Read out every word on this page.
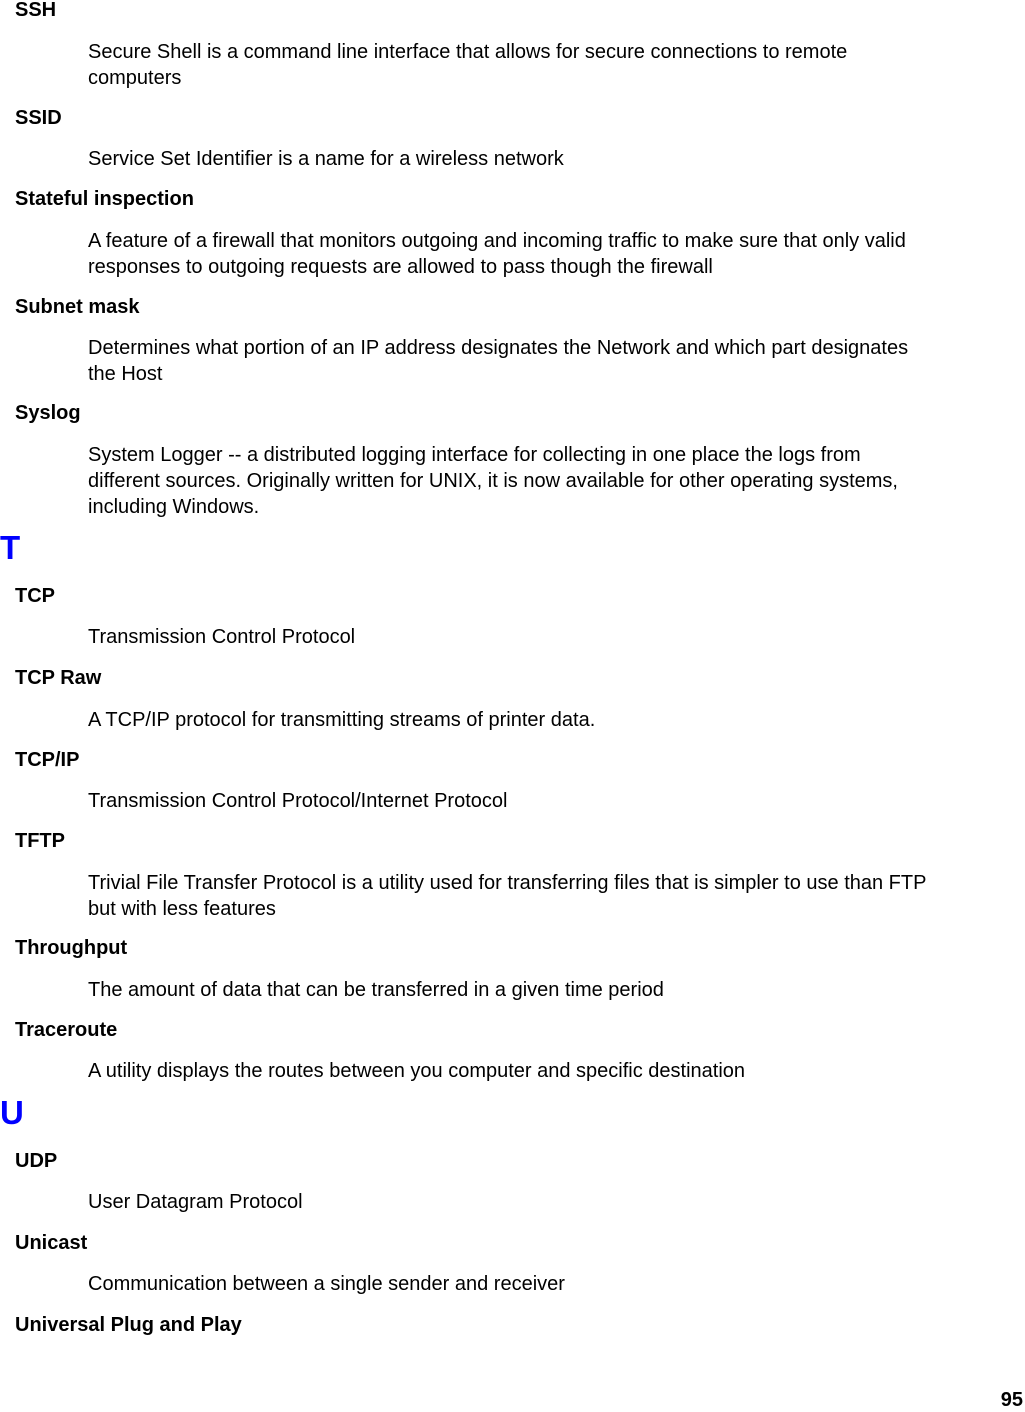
SSH
Secure Shell is a command line interface that allows for secure connections to remote
computers
SSID
Service Set Identifier is a name for a wireless network
Stateful inspection
A feature of a firewall that monitors outgoing and incoming traffic to make sure that only valid
responses to outgoing requests are allowed to pass though the firewall
Subnet mask
Determines what portion of an IP address designates the Network and which part designates
the Host
Syslog
System Logger -- a distributed logging interface for collecting in one place the logs from
different sources. Originally written for UNIX, it is now available for other operating systems,
including Windows.
T
TCP
Transmission Control Protocol
TCP Raw
A TCP/IP protocol for transmitting streams of printer data.
TCP/IP
Transmission Control Protocol/Internet Protocol
TFTP
Trivial File Transfer Protocol is a utility used for transferring files that is simpler to use than FTP
but with less features
Throughput
The amount of data that can be transferred in a given time period
Traceroute
A utility displays the routes between you computer and specific destination
U
UDP
User Datagram Protocol
Unicast
Communication between a single sender and receiver
Universal Plug and Play
95
